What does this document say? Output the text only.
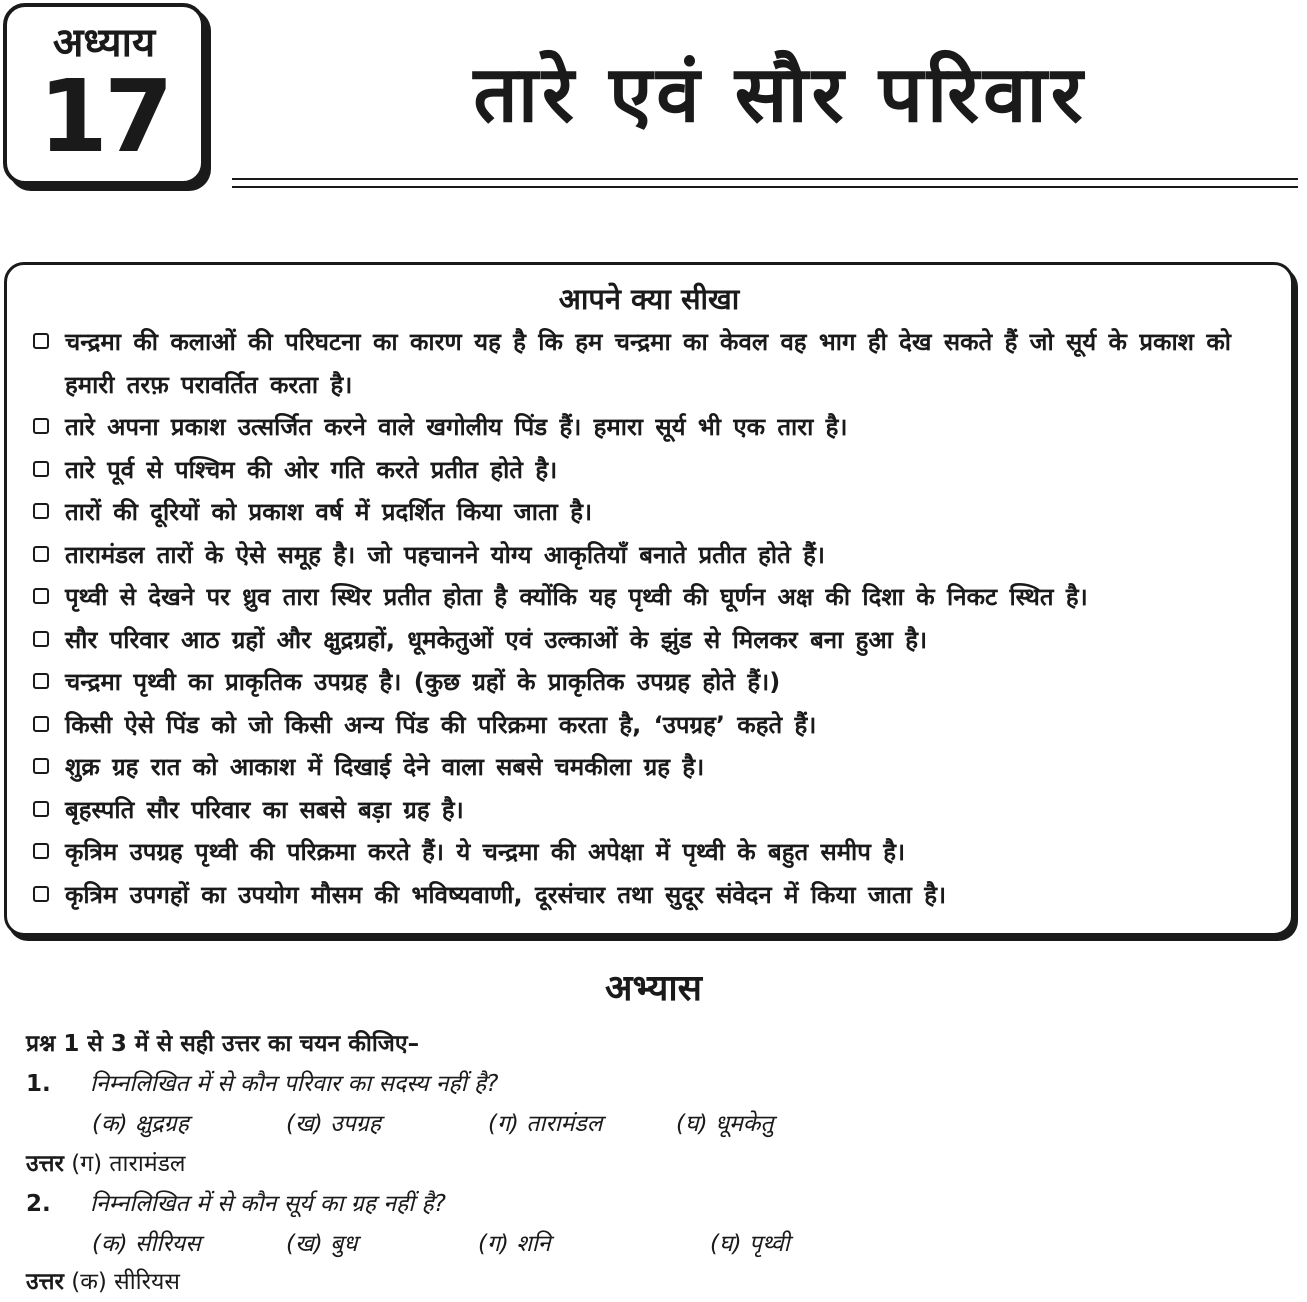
अध्याय
17	तारे एवं सौर परिवार
आपने क्या सीखा
चन्द्रमा की कलाओं की परिघटना का कारण यह है कि हम चन्द्रमा का केवल वह भाग ही देख सकते हैं जो सूर्य के प्रकाश को हमारी तरफ़ परावर्तित करता है।
तारे अपना प्रकाश उत्सर्जित करने वाले खगोलीय पिंड हैं। हमारा सूर्य भी एक तारा है।
तारे पूर्व से पश्चिम की ओर गति करते प्रतीत होते है।
तारों की दूरियों को प्रकाश वर्ष में प्रदर्शित किया जाता है।
तारामंडल तारों के ऐसे समूह है। जो पहचानने योग्य आकृतियाँ बनाते प्रतीत होते हैं।
पृथ्वी से देखने पर ध्रुव तारा स्थिर प्रतीत होता है क्योंकि यह पृथ्वी की घूर्णन अक्ष की दिशा के निकट स्थित है।
सौर परिवार आठ ग्रहों और क्षुद्रग्रहों, धूमकेतुओं एवं उल्काओं के झुंड से मिलकर बना हुआ है।
चन्द्रमा पृथ्वी का प्राकृतिक उपग्रह है। (कुछ ग्रहों के प्राकृतिक उपग्रह होते हैं।)
किसी ऐसे पिंड को जो किसी अन्य पिंड की परिक्रमा करता है, ‘उपग्रह’ कहते हैं।
शुक्र ग्रह रात को आकाश में दिखाई देने वाला सबसे चमकीला ग्रह है।
बृहस्पति सौर परिवार का सबसे बड़ा ग्रह है।
कृत्रिम उपग्रह पृथ्वी की परिक्रमा करते हैं। ये चन्द्रमा की अपेक्षा में पृथ्वी के बहुत समीप है।
कृत्रिम उपगहों का उपयोग मौसम की भविष्यवाणी, दूरसंचार तथा सुदूर संवेदन में किया जाता है।
अभ्यास
प्रश्न 1 से 3 में से सही उत्तर का चयन कीजिए–
1. निम्नलिखित में से कौन परिवार का सदस्य नहीं है?
(क) क्षुद्रग्रह	(ख) उपग्रह	(ग) तारामंडल	(घ) धूमकेतु
उत्तर (ग) तारामंडल
2. निम्नलिखित में से कौन सूर्य का ग्रह नहीं है?
(क) सीरियस	(ख) बुध	(ग) शनि	(घ) पृथ्वी
उत्तर (क) सीरियस
